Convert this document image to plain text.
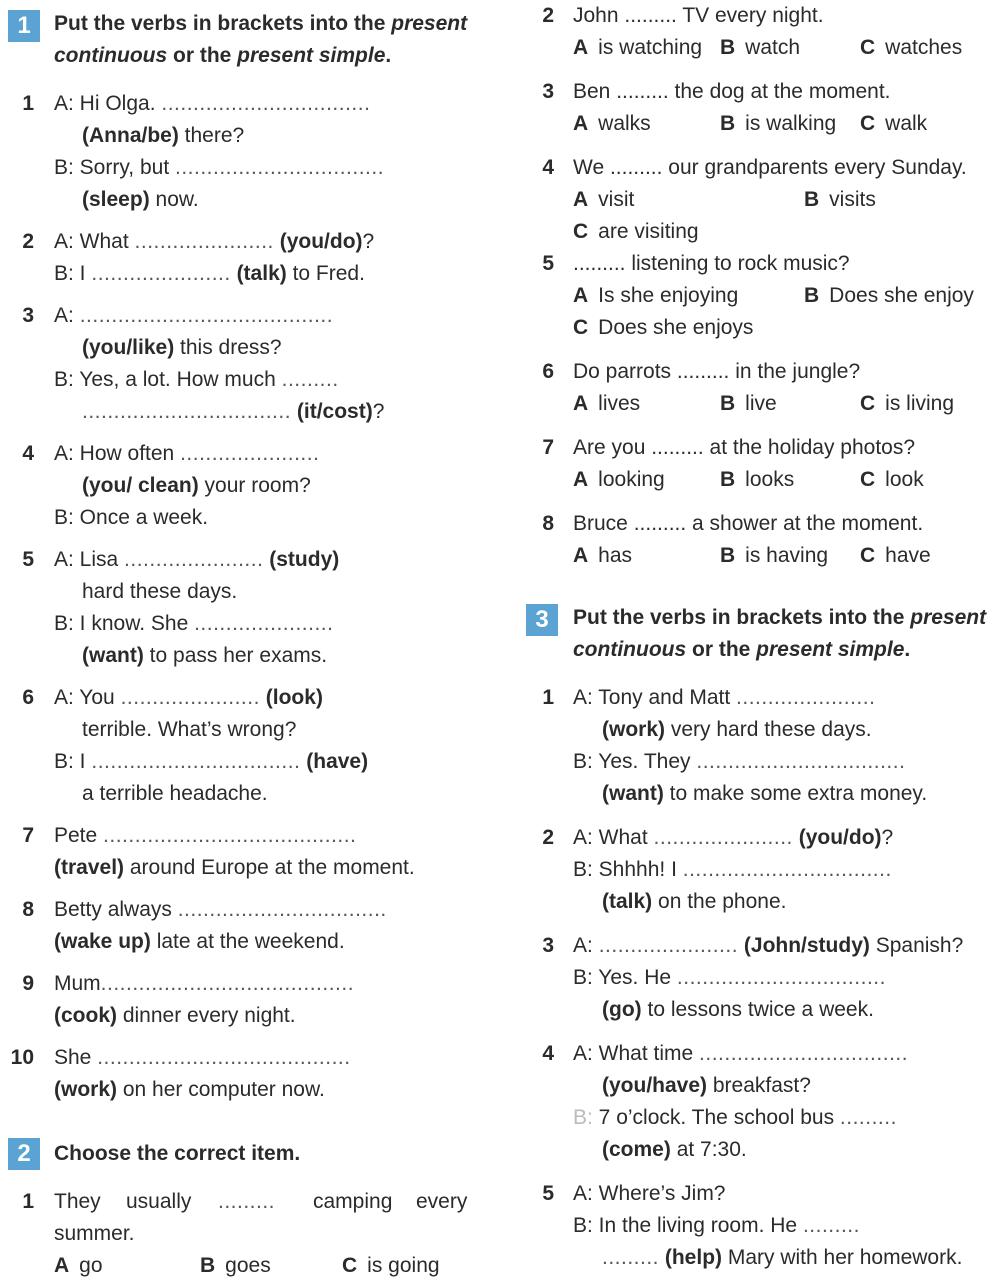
1	Put the verbs in brackets into the present
continuous or the present simple.
1 A: Hi Olga. .................................
(Anna/be) there?
B: Sorry, but .................................
(sleep) now.
2 A: What ...................... (you/do)?
B: I ...................... (talk) to Fred.
3 A: ........................................
(you/like) this dress?
B: Yes, a lot. How much .........
................................. (it/cost)?
4 A: How often ......................
(you/ clean) your room?
B: Once a week.
5 A: Lisa ...................... (study)
hard these days.
B: I know. She ......................
(want) to pass her exams.
6 A: You ...................... (look)
terrible. What’s wrong?
B: I ................................. (have)
a terrible headache.
7 Pete ........................................
(travel) around Europe at the moment.
8 Betty always .................................
(wake up) late at the weekend.
9 Mum........................................
(cook) dinner every night.
10 She ........................................
(work) on her computer now.
2	Choose the correct item.
1 They usually ......... camping every
summer.
A go	B goes	C is going
2 John ......... TV every night.
A is watching B watch	C watches
3 Ben ......... the dog at the moment.
A walks	B is walking C walk
4 We ......... our grandparents every Sunday.
A visit	B visits
C are visiting
5 ......... listening to rock music?
A Is she enjoying	B Does she enjoy
C Does she enjoys
6 Do parrots ......... in the jungle?
A lives	B live	C is living
7 Are you ......... at the holiday photos?
A looking	B looks	C look
8 Bruce ......... a shower at the moment.
A has	B is having C have
3	Put the verbs in brackets into the present
continuous or the present simple.
1 A: Tony and Matt ......................
(work) very hard these days.
B: Yes. They .................................
(want) to make some extra money.
2 A: What ...................... (you/do)?
B: Shhhh! I .................................
(talk) on the phone.
3 A: ...................... (John/study) Spanish?
B: Yes. He .................................
(go) to lessons twice a week.
4 A: What time .................................
(you/have) breakfast?
B: 7 o’clock. The school bus .........
(come) at 7:30.
5 A: Where’s Jim?
B: In the living room. He .........
......... (help) Mary with her homework.
